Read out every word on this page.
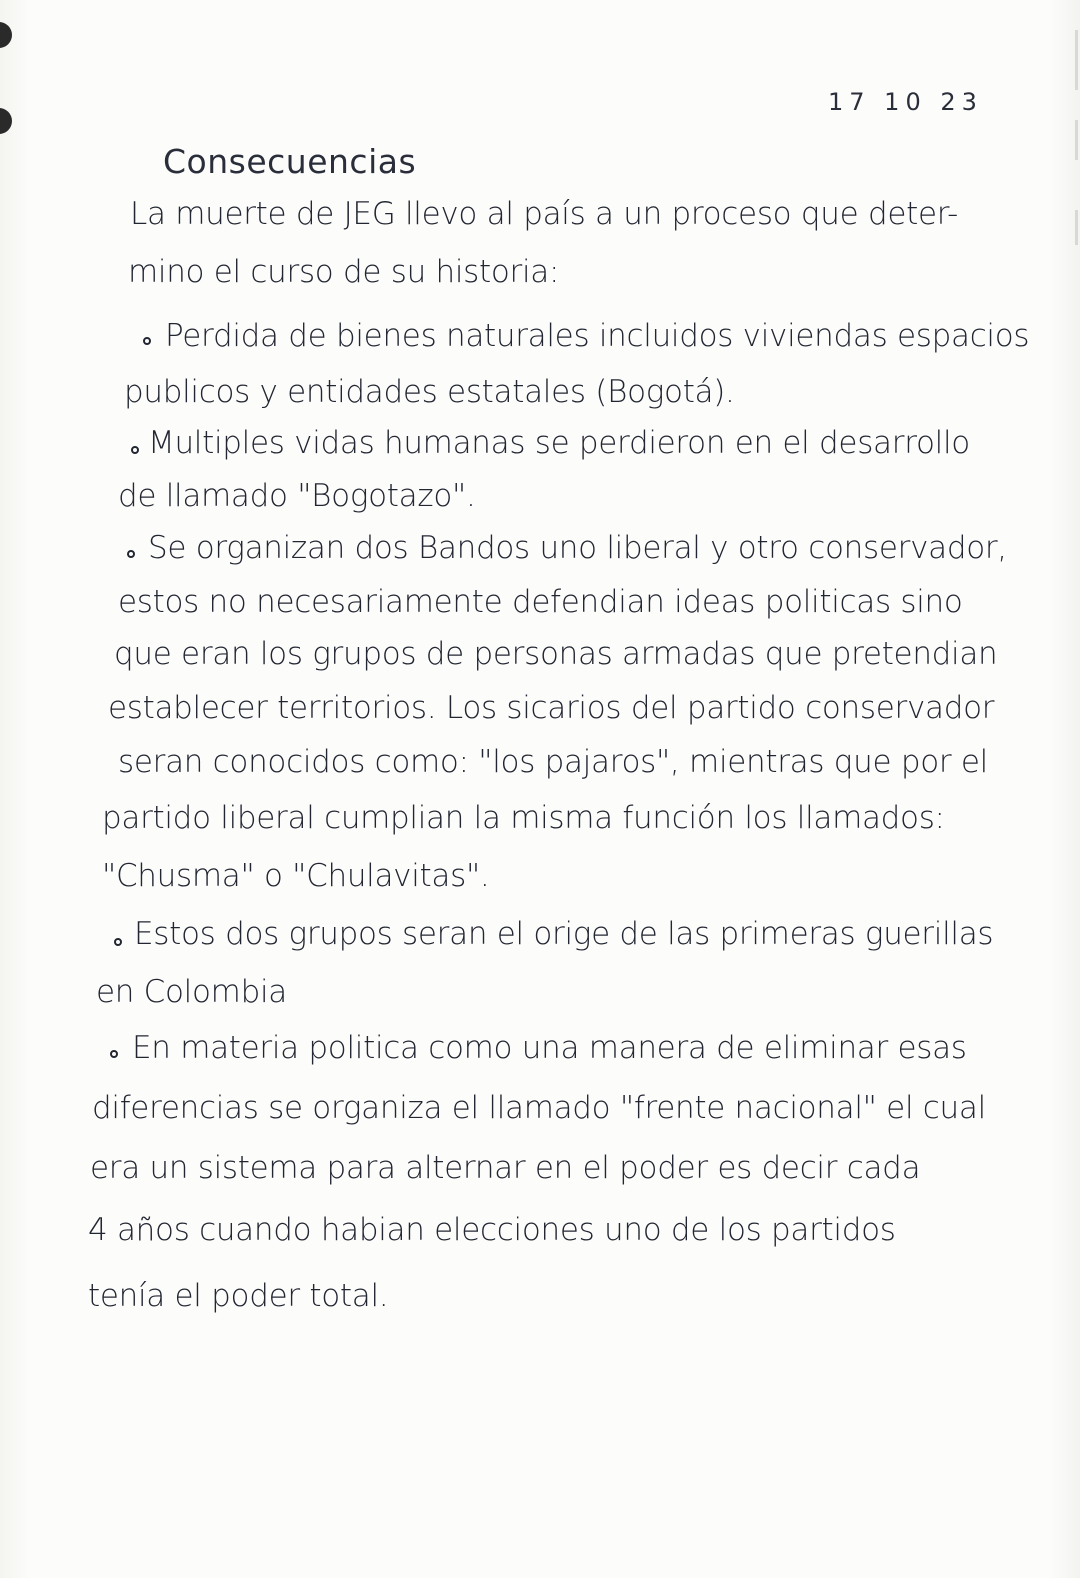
17 10 23
Consecuencias
La muerte de JEG llevo al país a un proceso que deter-
mino el curso de su historia:
Perdida de bienes naturales incluidos viviendas espacios
publicos y entidades estatales (Bogotá).
Multiples vidas humanas se perdieron en el desarrollo
de llamado "Bogotazo".
Se organizan dos Bandos uno liberal y otro conservador,
estos no necesariamente defendian ideas politicas sino
que eran los grupos de personas armadas que pretendian
establecer territorios. Los sicarios del partido conservador
seran conocidos como: "los pajaros", mientras que por el
partido liberal cumplian la misma función los llamados:
"Chusma" o "Chulavitas".
Estos dos grupos seran el orige de las primeras guerillas
en Colombia
En materia politica como una manera de eliminar esas
diferencias se organiza el llamado "frente nacional" el cual
era un sistema para alternar en el poder es decir cada
4 años cuando habian elecciones uno de los partidos
tenía el poder total.
